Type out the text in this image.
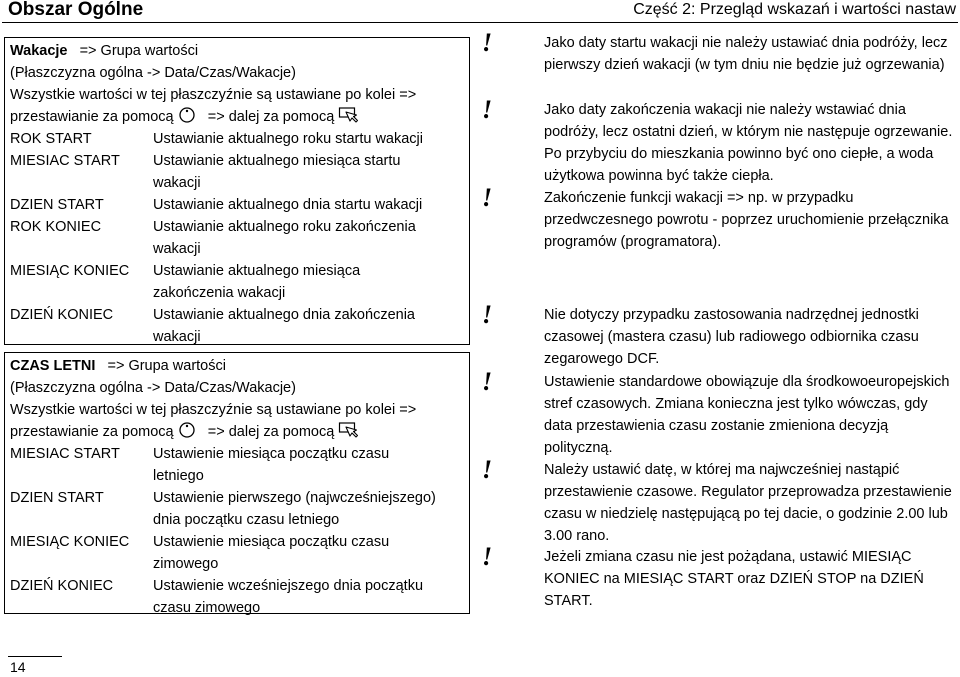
Obszar Ogólne	Część 2: Przegląd wskazań i wartości nastaw
Wakacje => Grupa wartości
(Płaszczyzna ogólna -> Data/Czas/Wakacje)
Wszystkie wartości w tej płaszczyźnie są ustawiane po kolei =>
przestawianie za pomocą => dalej za pomocą
ROK START	Ustawianie aktualnego roku startu wakacji
MIESIAC START	Ustawianie aktualnego miesiąca startu
wakacji
DZIEN START	Ustawianie aktualnego dnia startu wakacji
ROK KONIEC	Ustawianie aktualnego roku zakończenia
wakacji
MIESIĄC KONIEC	Ustawianie aktualnego miesiąca
zakończenia wakacji
DZIEŃ KONIEC	Ustawianie aktualnego dnia zakończenia
wakacji
CZAS LETNI => Grupa wartości
(Płaszczyzna ogólna -> Data/Czas/Wakacje)
Wszystkie wartości w tej płaszczyźnie są ustawiane po kolei =>
przestawianie za pomocą => dalej za pomocą
MIESIAC START	Ustawienie miesiąca początku czasu
letniego
DZIEN START	Ustawienie pierwszego (najwcześniejszego)
dnia początku czasu letniego
MIESIĄC KONIEC	Ustawienie miesiąca początku czasu
zimowego
DZIEŃ KONIEC	Ustawienie wcześniejszego dnia początku
czasu zimowego
!	Jako daty startu wakacji nie należy ustawiać dnia podróży, lecz pierwszy dzień wakacji (w tym dniu nie będzie już ogrzewania)
!	Jako daty zakończenia wakacji nie należy wstawiać dnia podróży, lecz ostatni dzień, w którym nie następuje ogrzewanie. Po przybyciu do mieszkania powinno być ono ciepłe, a woda użytkowa powinna być także ciepła.
!	Zakończenie funkcji wakacji => np. w przypadku przedwczesnego powrotu - poprzez uruchomienie przełącznika programów (programatora).
!	Nie dotyczy przypadku zastosowania nadrzędnej jednostki czasowej (mastera czasu) lub radiowego odbiornika czasu zegarowego DCF.
!	Ustawienie standardowe obowiązuje dla środkowoeuropejskich stref czasowych. Zmiana konieczna jest tylko wówczas, gdy data przestawienia czasu zostanie zmieniona decyzją polityczną.
!	Należy ustawić datę, w której ma najwcześniej nastąpić przestawienie czasowe. Regulator przeprowadza przestawienie czasu w niedzielę następującą po tej dacie, o godzinie 2.00 lub 3.00 rano.
!	Jeżeli zmiana czasu nie jest pożądana, ustawić MIESIĄC KONIEC na MIESIĄC START oraz DZIEŃ STOP na DZIEŃ START.
14
